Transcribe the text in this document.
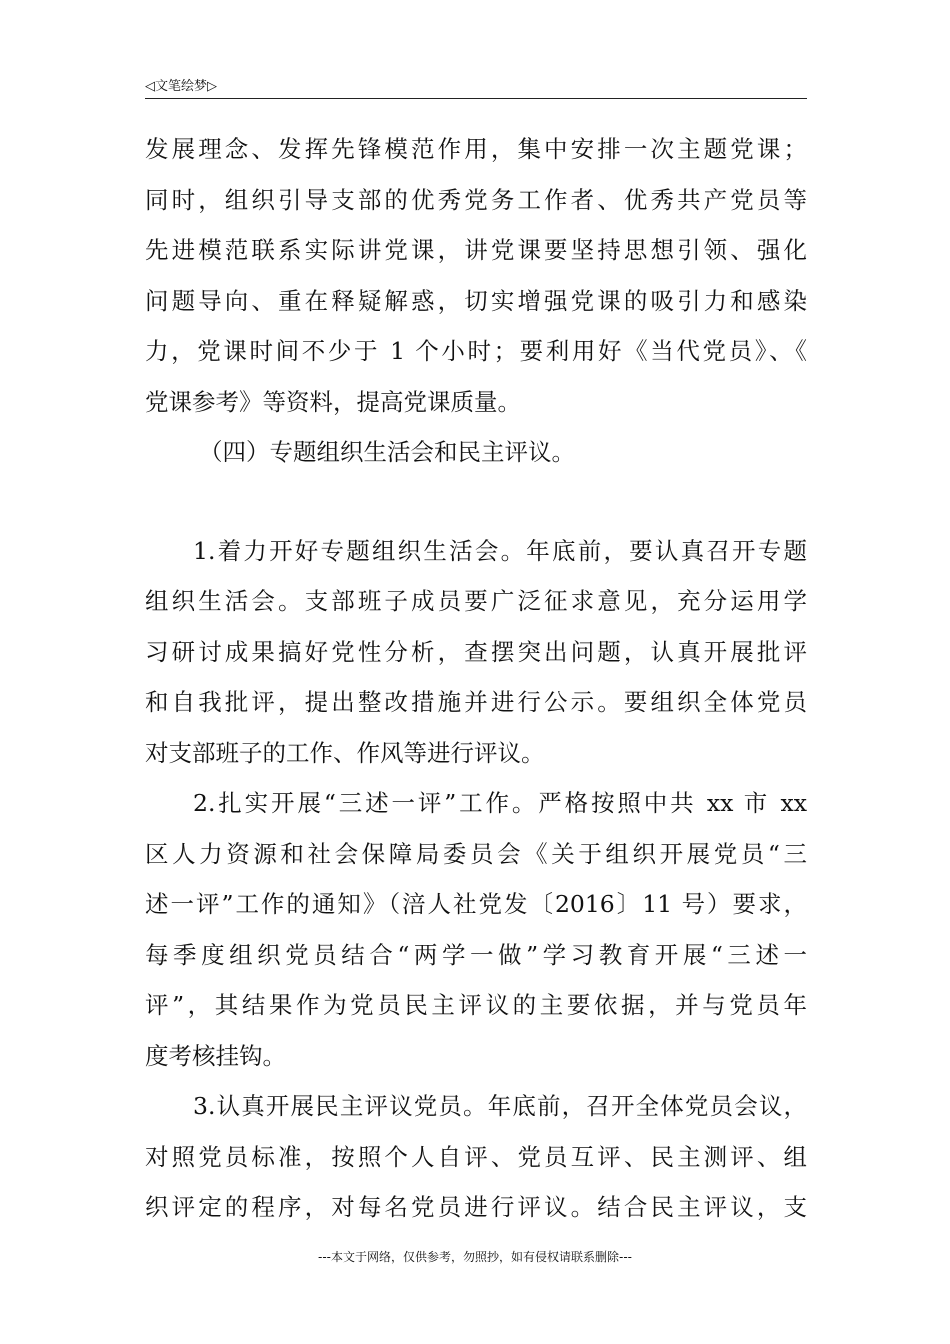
◁文笔绘梦▷
发展理念、发挥先锋模范作用，集中安排一次主题党课；
同时，组织引导支部的优秀党务工作者、优秀共产党员等
先进模范联系实际讲党课，讲党课要坚持思想引领、强化
问题导向、重在释疑解惑，切实增强党课的吸引力和感染
力，党课时间不少于 1 个小时；要利用好《当代党员》、《
党课参考》等资料，提高党课质量。
（四）专题组织生活会和民主评议。
1.着力开好专题组织生活会。年底前，要认真召开专题
组织生活会。支部班子成员要广泛征求意见，充分运用学
习研讨成果搞好党性分析，查摆突出问题，认真开展批评
和自我批评，提出整改措施并进行公示。要组织全体党员
对支部班子的工作、作风等进行评议。
2.扎实开展“三述一评”工作。严格按照中共 xx 市 xx
区人力资源和社会保障局委员会《关于组织开展党员“三
述一评”工作的通知》（涪人社党发〔2016〕11 号）要求，
每季度组织党员结合“两学一做”学习教育开展“三述一
评”，其结果作为党员民主评议的主要依据，并与党员年
度考核挂钩。
3.认真开展民主评议党员。年底前，召开全体党员会议，
对照党员标准，按照个人自评、党员互评、民主测评、组
织评定的程序，对每名党员进行评议。结合民主评议，支
---本文于网络，仅供参考，勿照抄，如有侵权请联系删除---
